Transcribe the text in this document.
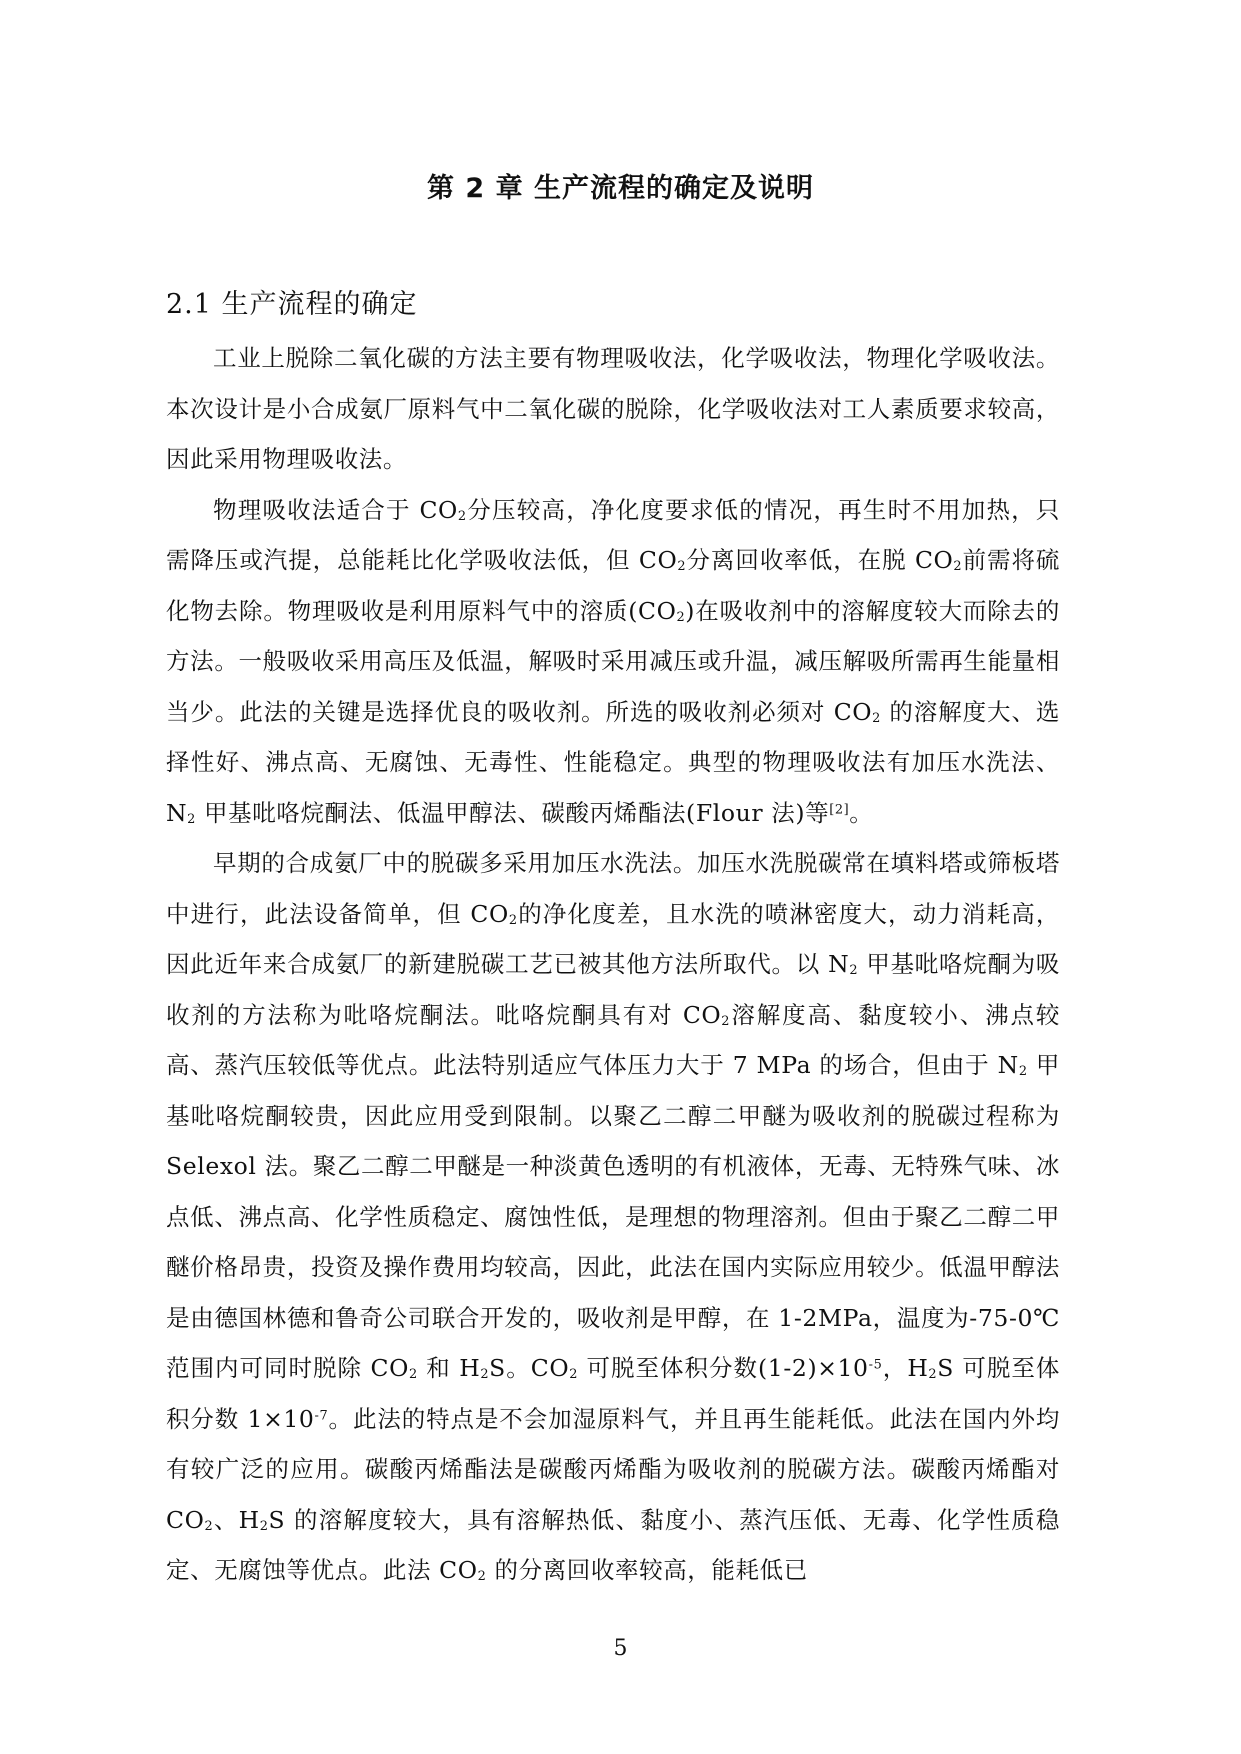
第 2 章 生产流程的确定及说明
2.1 生产流程的确定

工业上脱除二氧化碳的方法主要有物理吸收法，化学吸收法，物理化学吸收法。本次设计是小合成氨厂原料气中二氧化碳的脱除，化学吸收法对工人素质要求较高，因此采用物理吸收法。

物理吸收法适合于 $CO_2$分压较高，净化度要求低的情况，再生时不用加热，只需降压或汽提，总能耗比化学吸收法低，但 $CO_2$分离回收率低，在脱 $CO_2$前需将硫化物去除。物理吸收是利用原料气中的溶质$(CO_2)$在吸收剂中的溶解度较大而除去的方法。一般吸收采用高压及低温，解吸时采用减压或升温，减压解吸所需再生能量相当少。此法的关键是选择优良的吸收剂。所选的吸收剂必须对 $CO_2$ 的溶解度大、选择性好、沸点高、无腐蚀、无毒性、性能稳定。典型的物理吸收法有加压水洗法、$N_2$ 甲基吡咯烷酮法、低温甲醇法、碳酸丙烯酯法(Flour 法)等[2]。

早期的合成氨厂中的脱碳多采用加压水洗法。加压水洗脱碳常在填料塔或筛板塔中进行，此法设备简单，但 $CO_2$的净化度差，且水洗的喷淋密度大，动力消耗高，因此近年来合成氨厂的新建脱碳工艺已被其他方法所取代。以 $N_2$ 甲基吡咯烷酮为吸收剂的方法称为吡咯烷酮法。吡咯烷酮具有对 $CO_2$溶解度高、黏度较小、沸点较高、蒸汽压较低等优点。此法特别适应气体压力大于 7 MPa 的场合，但由于 $N_2$ 甲基吡咯烷酮较贵，因此应用受到限制。以聚乙二醇二甲醚为吸收剂的脱碳过程称为 Selexol 法。聚乙二醇二甲醚是一种淡黄色透明的有机液体，无毒、无特殊气味、冰点低、沸点高、化学性质稳定、腐蚀性低，是理想的物理溶剂。但由于聚乙二醇二甲醚价格昂贵，投资及操作费用均较高，因此，此法在国内实际应用较少。低温甲醇法是由德国林德和鲁奇公司联合开发的，吸收剂是甲醇，在 1-2MPa，温度为-75-0℃范围内可同时脱除 $CO_2$ 和 $H_2S$。$CO_2$ 可脱至体积分数$(1-2)\times 10^{-5}$，$H_2S$ 可脱至体积分数 $1\times 10^{-7}$。此法的特点是不会加湿原料气，并且再生能耗低。此法在国内外均有较广泛的应用。碳酸丙烯酯法是碳酸丙烯酯为吸收剂的脱碳方法。碳酸丙烯酯对 $CO_2$、$H_2S$ 的溶解度较大，具有溶解热低、黏度小、蒸汽压低、无毒、化学性质稳定、无腐蚀等优点。此法 $CO_2$ 的分离回收率较高，能耗低已

5
